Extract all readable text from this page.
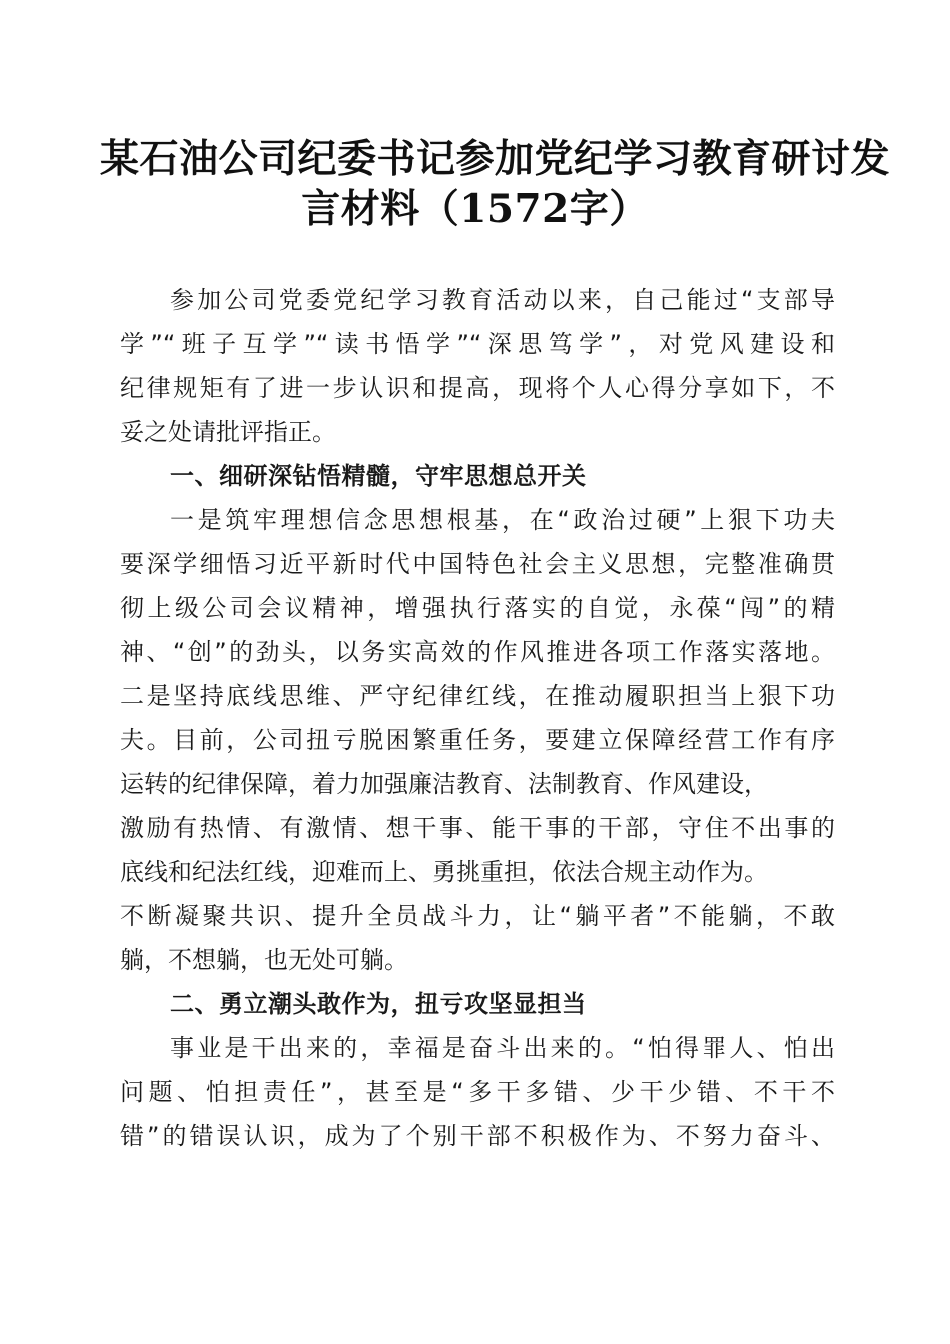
某石油公司纪委书记参加党纪学习教育研讨发
言材料（1572字）
参加公司党委党纪学习教育活动以来，自己能过“支部导
学”“班子互学”“读书悟学”“深思笃学”，对党风建设和
纪律规矩有了进一步认识和提高，现将个人心得分享如下，不
妥之处请批评指正。
一、细研深钻悟精髓，守牢思想总开关
一是筑牢理想信念思想根基，在“政治过硬”上狠下功夫
要深学细悟习近平新时代中国特色社会主义思想，完整准确贯
彻上级公司会议精神，增强执行落实的自觉，永葆“闯”的精
神、“创”的劲头，以务实高效的作风推进各项工作落实落地。
二是坚持底线思维、严守纪律红线，在推动履职担当上狠下功
夫。目前，公司扭亏脱困繁重任务，要建立保障经营工作有序
运转的纪律保障，着力加强廉洁教育、法制教育、作风建设，
激励有热情、有激情、想干事、能干事的干部，守住不出事的
底线和纪法红线，迎难而上、勇挑重担，依法合规主动作为。
不断凝聚共识、提升全员战斗力，让“躺平者”不能躺，不敢
躺，不想躺，也无处可躺。
二、勇立潮头敢作为，扭亏攻坚显担当
事业是干出来的，幸福是奋斗出来的。“怕得罪人、怕出
问题、怕担责任”，甚至是“多干多错、少干少错、不干不
错”的错误认识，成为了个别干部不积极作为、不努力奋斗、
